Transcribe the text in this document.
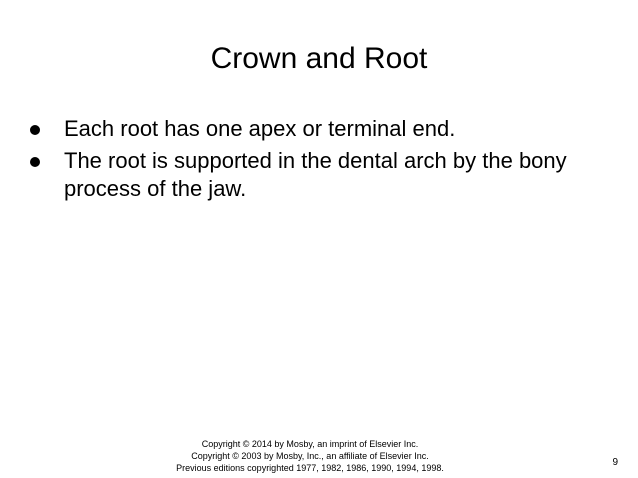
Crown and Root
Each root has one apex or terminal end.
The root is supported in the dental arch by the bony process of the jaw.
Copyright © 2014 by Mosby, an imprint of Elsevier Inc.
Copyright © 2003 by Mosby, Inc., an affiliate of Elsevier Inc.
Previous editions copyrighted 1977, 1982, 1986, 1990, 1994, 1998.	9
